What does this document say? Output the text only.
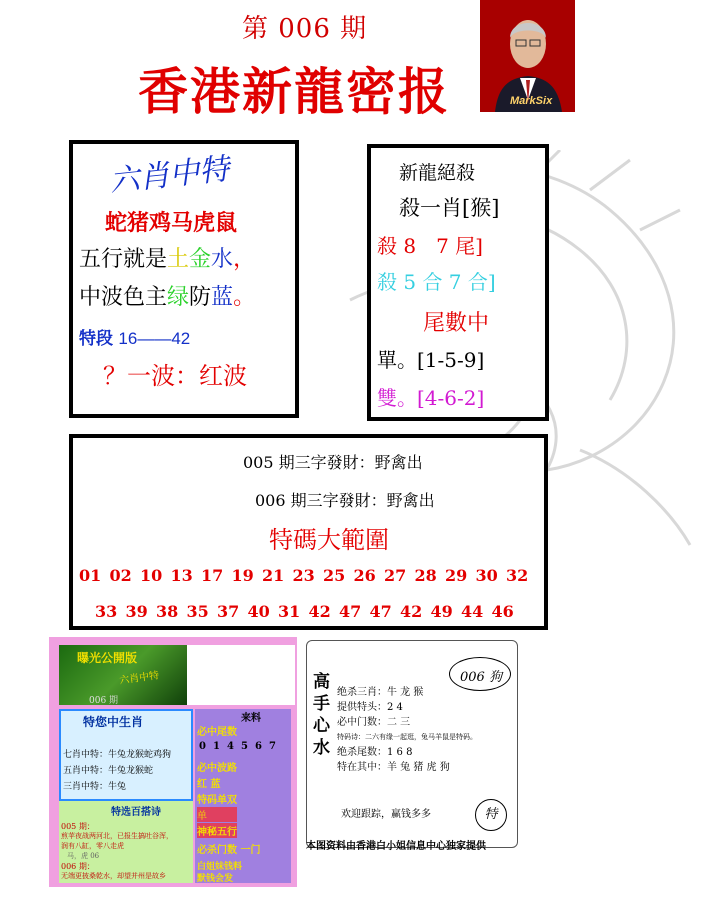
第 006 期
香港新龍密报	MarkSix
六肖中特
蛇猪鸡马虎鼠
五行就是土金水，
中波色主绿防蓝。
特段 16——42
？一波：红波
新龍絕殺
殺一肖[猴]
殺 8　7 尾]
殺 5 合 7 合]
尾數中
單。[1-5-9]
雙。[4-6-2]
005 期三字發財：野禽出
006 期三字發財：野禽出
特碼大範圍
01 02 10 13 17 19 21 23 25 26 27 28 29 30 32
33 39 38 35 37 40 31 42 47 47 42 49 44 46
曝光公開版
六肖中特
006 期
特您中生肖
七肖中特：牛兔龙猴蛇鸡狗
五肖中特：牛兔龙猴蛇
三肖中特：牛兔
特选百搭诗
005 期：
煎苹夜战两河北，已报生搞吐谷浑，
润有八缸，零八走虎
马，虎 06
006 期：
无端更披桑乾水，却望并州是故乡
来料
必中尾数
0 1 4 5 6 7
必中波路
红 蓝
特码单双
单
神秘五行
必杀门数 一门
白姐妹钱料
默钱会发
高
手
心
水
006 狗
绝杀三肖：牛 龙 猴
提供特头：2 4
必中门数：二 三
特码诗：二六有缘一起逛，兔马羊鼠是特码。
绝杀尾数：1 6 8
特在其中：羊 兔 猪 虎 狗
欢迎跟踪，赢钱多多	特
本图资料由香港白小姐信息中心独家提供
